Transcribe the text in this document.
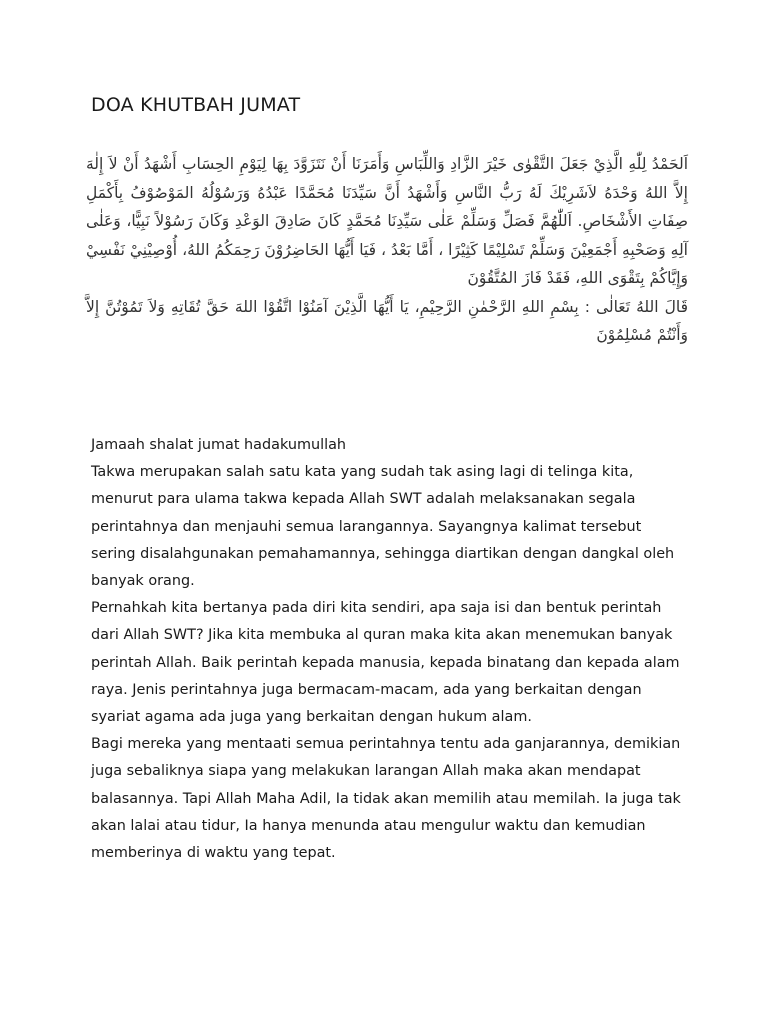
DOA KHUTBAH JUMAT

اَلحَمْدُ لِلّٰهِ الَّذِيْ جَعَلَ التَّقْوٰى خَيْرَ الزَّادِ وَاللِّبَاسِ وَأَمَرَنَا أَنْ نَتَزَوَّدَ بِهَا لِيَوْمِ الحِسَابِ أَشْهَدُ أَنْ لاَ إِلٰهَ إِلاَّ اللهُ وَحْدَهُ لاَشَرِيْكَ لَهُ رَبُّ النَّاسِ وَأَشْهَدُ أَنَّ سَيِّدَنَا مُحَمَّدًا عَبْدُهُ وَرَسُوْلُهُ المَوْصُوْفُ بِأَكْمَلِ صِفَاتِ الأَشْخَاصِ. اَللّٰهُمَّ فَصَلِّ وَسَلِّمْ عَلٰى سَيِّدِنَا مُحَمَّدٍ كَانَ صَادِقَ الوَعْدِ وَكَانَ رَسُوْلاً نَبِيًّا، وَعَلٰى آلِهِ وَصَحْبِهِ أَجْمَعِيْنَ وَسَلِّمْ تَسْلِيْمًا كَثِيْرًا ، أَمَّا بَعْدُ ، فَيَا أَيُّهَا الحَاضِرُوْنَ رَحِمَكُمُ اللهُ، أُوْصِيْنِيْ نَفْسِيْ وَإِيَّاكُمْ بِتَقْوَى اللهِ، فَقَدْ فَازَ المُتَّقُوْنَ

قَالَ اللهُ تَعَالٰى : بِسْمِ اللهِ الرَّحْمٰنِ الرَّحِيْمِ، يَا أَيُّهَا الَّذِيْنَ آمَنُوْا اتَّقُوْا اللهَ حَقَّ تُقَاتِهِ وَلاَ تَمُوْتُنَّ إِلاَّ وَأَنْتُمْ مُسْلِمُوْنَ

Jamaah shalat jumat hadakumullah

Takwa merupakan salah satu kata yang sudah tak asing lagi di telinga kita, menurut para ulama takwa kepada Allah SWT adalah melaksanakan segala perintahnya dan menjauhi semua larangannya. Sayangnya kalimat tersebut sering disalahgunakan pemahamannya, sehingga diartikan dengan dangkal oleh banyak orang.

Pernahkah kita bertanya pada diri kita sendiri, apa saja isi dan bentuk perintah dari Allah SWT? Jika kita membuka al quran maka kita akan menemukan banyak perintah Allah. Baik perintah kepada manusia, kepada binatang dan kepada alam raya. Jenis perintahnya juga bermacam-macam, ada yang berkaitan dengan syariat agama ada juga yang berkaitan dengan hukum alam.

Bagi mereka yang mentaati semua perintahnya tentu ada ganjarannya, demikian juga sebaliknya siapa yang melakukan larangan Allah maka akan mendapat balasannya. Tapi Allah Maha Adil, Ia tidak akan memilih atau memilah. Ia juga tak akan lalai atau tidur, Ia hanya menunda atau mengulur waktu dan kemudian memberinya di waktu yang tepat.
